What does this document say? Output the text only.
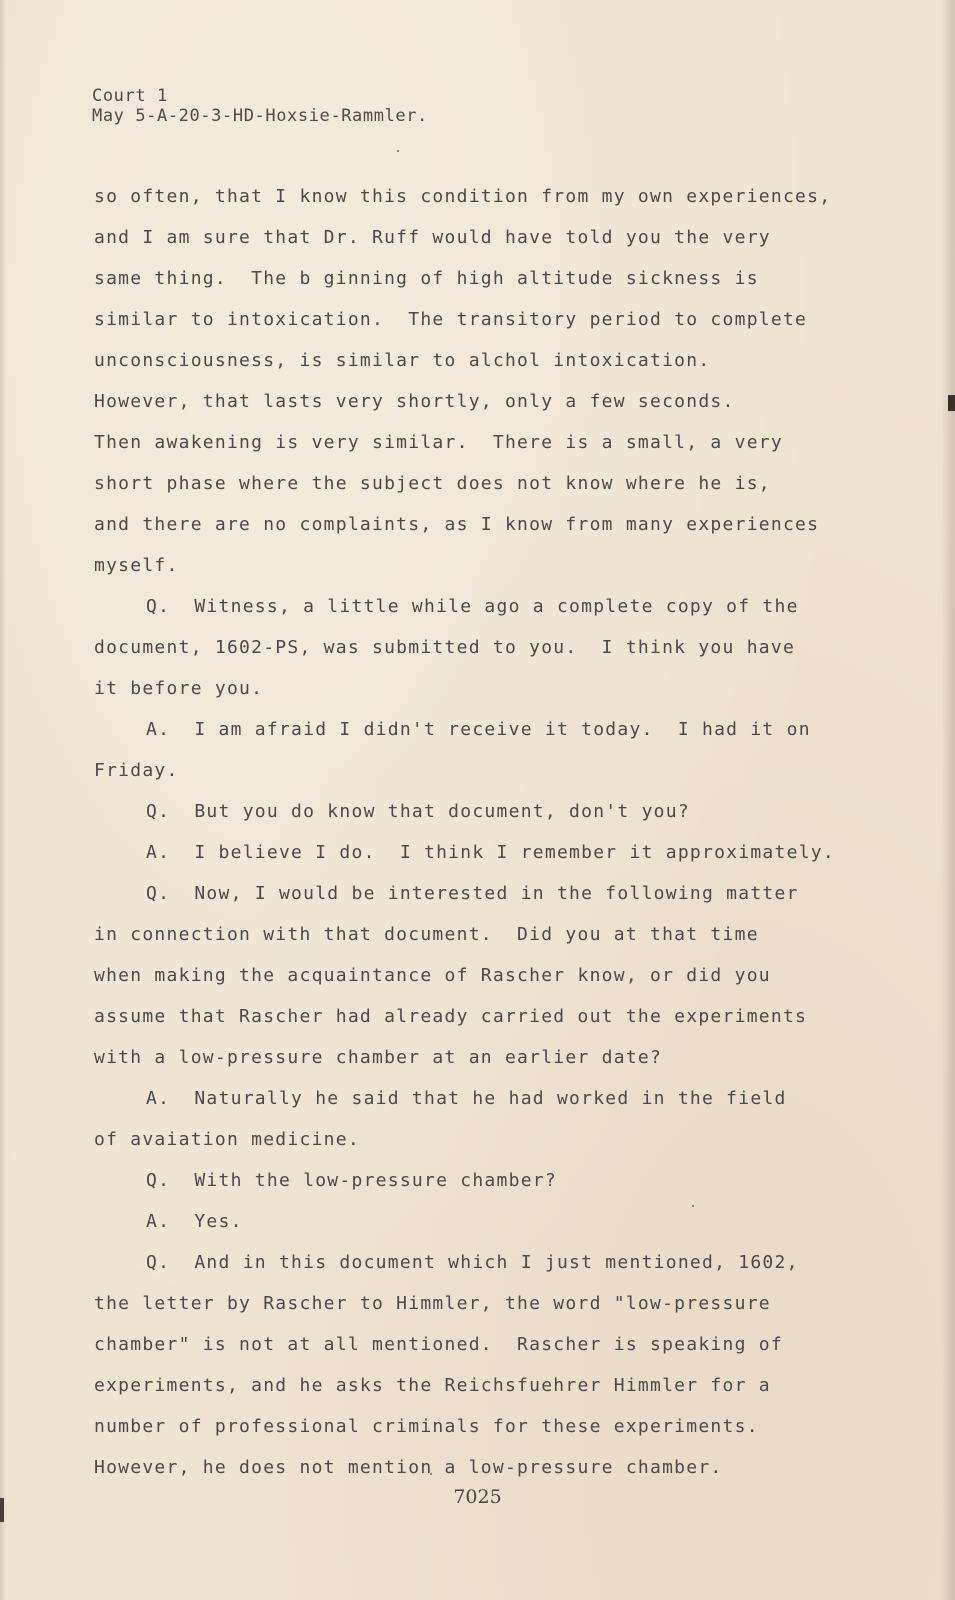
Court 1
May 5-A-20-3-HD-Hoxsie-Rammler.
so often, that I know this condition from my own experiences,
and I am sure that Dr. Ruff would have told you the very
same thing.  The b ginning of high altitude sickness is
similar to intoxication.  The transitory period to complete
unconsciousness, is similar to alchol intoxication.
However, that lasts very shortly, only a few seconds.
Then awakening is very similar.  There is a small, a very
short phase where the subject does not know where he is,
and there are no complaints, as I know from many experiences
myself.
Q.  Witness, a little while ago a complete copy of the
document, 1602-PS, was submitted to you.  I think you have
it before you.
A.  I am afraid I didn't receive it today.  I had it on
Friday.
Q.  But you do know that document, don't you?
A.  I believe I do.  I think I remember it approximately.
Q.  Now, I would be interested in the following matter
in connection with that document.  Did you at that time
when making the acquaintance of Rascher know, or did you
assume that Rascher had already carried out the experiments
with a low-pressure chamber at an earlier date?
A.  Naturally he said that he had worked in the field
of avaiation medicine.
Q.  With the low-pressure chamber?
A.  Yes.
Q.  And in this document which I just mentioned, 1602,
the letter by Rascher to Himmler, the word "low-pressure
chamber" is not at all mentioned.  Rascher is speaking of
experiments, and he asks the Reichsfuehrer Himmler for a
number of professional criminals for these experiments.
However, he does not mention a low-pressure chamber.
7025
